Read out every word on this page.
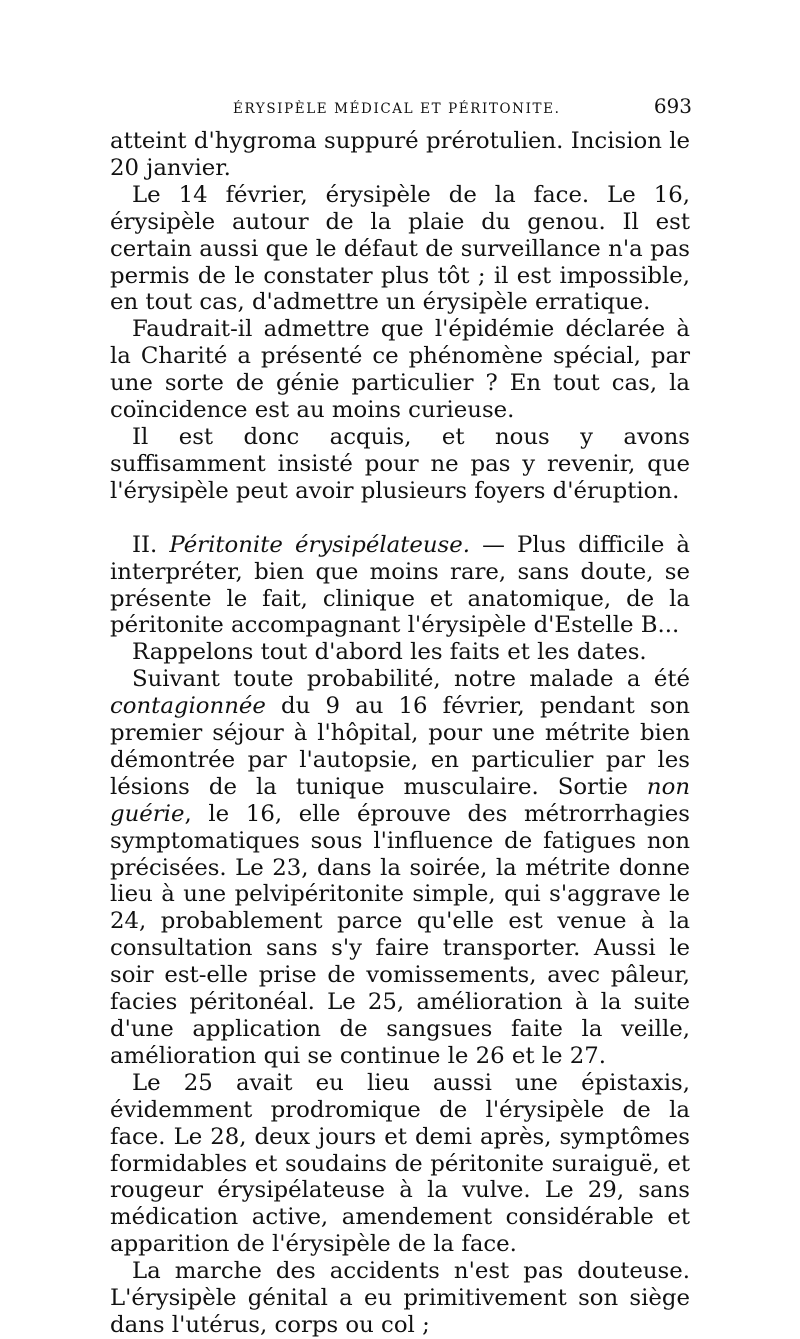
ÉRYSIPÈLE MÉDICAL ET PÉRITONITE.	693

atteint d'hygroma suppuré prérotulien. Incision le 20 janvier.

Le 14 février, érysipèle de la face. Le 16, érysipèle autour de la plaie du genou. Il est certain aussi que le défaut de surveillance n'a pas permis de le constater plus tôt ; il est impossible, en tout cas, d'admettre un érysipèle erratique.

Faudrait-il admettre que l'épidémie déclarée à la Charité a présenté ce phénomène spécial, par une sorte de génie particulier ? En tout cas, la coïncidence est au moins curieuse.

Il est donc acquis, et nous y avons suffisamment insisté pour ne pas y revenir, que l'érysipèle peut avoir plusieurs foyers d'éruption.

II. Péritonite érysipélateuse. — Plus difficile à interpréter, bien que moins rare, sans doute, se présente le fait, clinique et anatomique, de la péritonite accompagnant l'érysipèle d'Estelle B...

Rappelons tout d'abord les faits et les dates.

Suivant toute probabilité, notre malade a été contagionnée du 9 au 16 février, pendant son premier séjour à l'hôpital, pour une métrite bien démontrée par l'autopsie, en particulier par les lésions de la tunique musculaire. Sortie non guérie, le 16, elle éprouve des métrorrhagies symptomatiques sous l'influence de fatigues non précisées. Le 23, dans la soirée, la métrite donne lieu à une pelvipéritonite simple, qui s'aggrave le 24, probablement parce qu'elle est venue à la consultation sans s'y faire transporter. Aussi le soir est-elle prise de vomissements, avec pâleur, facies péritonéal. Le 25, amélioration à la suite d'une application de sangsues faite la veille, amélioration qui se continue le 26 et le 27.

Le 25 avait eu lieu aussi une épistaxis, évidemment prodromique de l'érysipèle de la face. Le 28, deux jours et demi après, symptômes formidables et soudains de péritonite suraiguë, et rougeur érysipélateuse à la vulve. Le 29, sans médication active, amendement considérable et apparition de l'érysipèle de la face.

La marche des accidents n'est pas douteuse. L'érysipèle génital a eu primitivement son siège dans l'utérus, corps ou col ;
